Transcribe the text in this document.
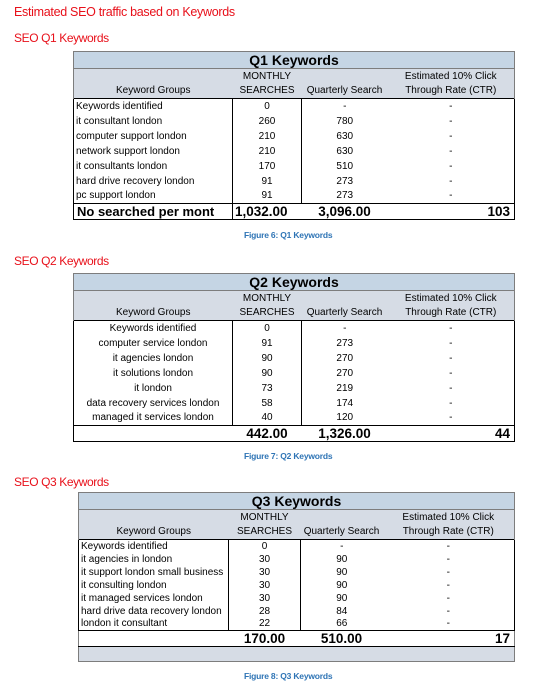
Estimated SEO traffic based on Keywords
SEO Q1 Keywords
Q1 Keywords			
	MONTHLY		Estimated 10% Click
Keyword Groups	SEARCHES	Quarterly Search	Through Rate (CTR)
Keywords identified	0	-	-
it consultant london	260	780	-
computer support london	210	630	-
network support london	210	630	-
it consultants london	170	510	-
hard drive recovery london	91	273	-
pc support london	91	273	-
No searched per mont	1,032.00	3,096.00	103
Figure 6: Q1 Keywords
SEO Q2 Keywords
Q2 Keywords			
	MONTHLY		Estimated 10% Click
Keyword Groups	SEARCHES	Quarterly Search	Through Rate (CTR)
Keywords identified	0	-	-
computer service london	91	273	-
it agencies london	90	270	-
it solutions london	90	270	-
it london	73	219	-
data recovery services london	58	174	-
managed it services london	40	120	-
	442.00	1,326.00	44
Figure 7: Q2 Keywords
SEO Q3 Keywords
Q3 Keywords			
	MONTHLY		Estimated 10% Click
Keyword Groups	SEARCHES	Quarterly Search	Through Rate (CTR)
Keywords identified	0	-	-
it agencies in london	30	90	-
it support london small business	30	90	-
it consulting london	30	90	-
it managed services london	30	90	-
hard drive data recovery london	28	84	-
london it consultant	22	66	-
	170.00	510.00	17

Figure 8: Q3 Keywords
